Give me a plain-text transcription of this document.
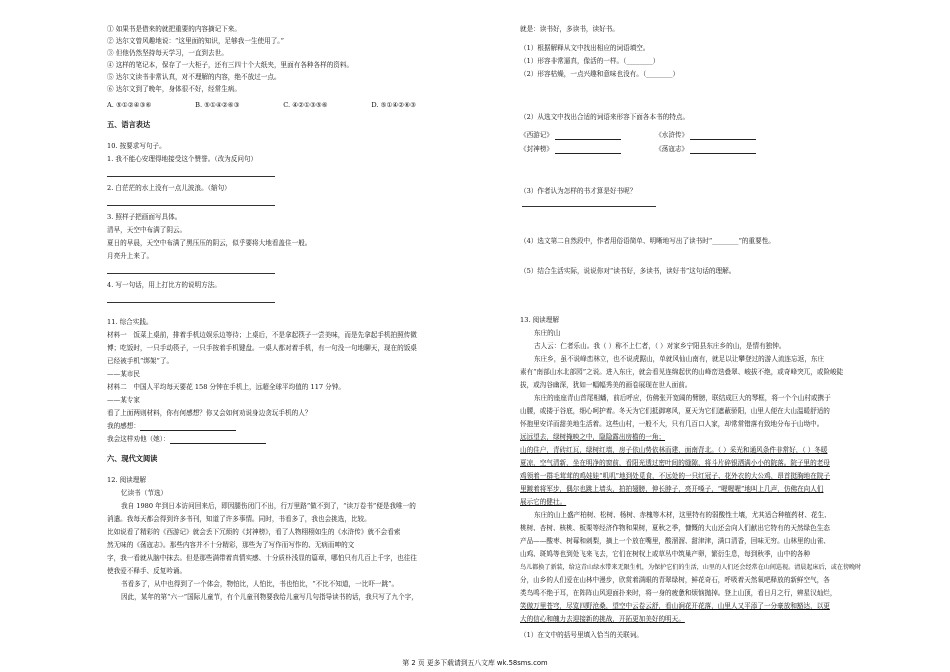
① 如果书是借来的就把重要的内容摘记下来。
② 达尔文曾风趣地说：“这里面的知识，足够我一生使用了。”
③ 但他仍然坚持每天学习，一直到去世。
④ 这样的笔记本，保存了一大柜子，还有三四十个大纸夹，里面有各种各样的资料。
⑤ 达尔文读书非常认真，对不理解的内容，绝不放过一点。
⑥ 达尔文到了晚年，身体很不好，经常生病。
A. ⑤①②④③⑥	B. ⑤①④②⑥③	C. ④②①③⑤⑥	D. ⑤①④②⑥③
五、语言表达
10. 按要求写句子。
1. 我不能心安理得地接受这个赞誉。（改为反问句）
2. 白茫茫的水上没有一点儿波浪。（缩句）
3. 照样子把画面写具体。
清早，天空中布满了阴云。
夏日的早晨，天空中布满了黑压压的阴云，似乎要将大地看盖住一般。
月亮升上来了。
4. 写一句话，用上打比方的说明方法。
11. 综合实践。
材料一　饭菜上桌前，排着手机边娱乐边等待；上桌后，不是拿起筷子一尝美味，而是先拿起手机拍照传微
博；吃饭时，一只手动筷子，一只手按着手机键盘。一桌人都对着手机，有一句没一句地聊天，现在的饭桌
已经被手机“绑架”了。
——某市民
材料二　中国人平均每天要花 158 分钟在手机上，远超全球平均值的 117 分钟。
——某专家
看了上面两则材料，你有何感想？你又会如何劝说身边贪玩手机的人？
我的感想：
我会这样劝他（她）：
六、现代文阅读
12. 阅读理解
忆读书（节选）
我自 1980 年到日本访问回来后，即因腿伤闭门不出，行万里路”做不到了，“读万卷书”便是我唯一的
消遣。我每天都会得到许多书刊，知道了许多事情。同时，书看多了，我也会挑选，比较。
比如说看了精彩的《西游记》就会丢下冗烦的《封神榜》，看了人物栩栩如生的《水浒传》就不会看索
然无味的《荡寇志》。那些内容并不十分精彩，那些为了写作而写作的、无病而呻的文
字，我一看就从脑中抹去。但是那些满带着真情实感、十分质朴浅显的篇章，哪怕只有几百上千字，也往往
使我爱不释手、反复吟诵。
书看多了，从中也得到了一个体会，物怕比，人怕比，书也怕比，“不比不知道，一比吓一跳”。
因此，某年的第“六一”国际儿童节，有个儿童刊物要我给儿童写几句指导读书的话，我只写了九个字，
就是：读书好，多读书，读好书。
（1）根据解释从文中找出相应的词语填空。
（1）形容非常逼真，像活的一样。（________）
（2）形容枯燥，一点兴趣和意味也没有。（________）
（2）从选文中找出合适的词语来形容下面各本书的特点。
《西游记》	《水浒传》
《封神榜》	《荡寇志》
（3）作者认为怎样的书才算是好书呢？
（4）选文第二自然段中，作者用俗语简单、明晰地写出了读书时“________”的重要性。
（5）结合生活实际，说说你对“读书好，多读书，读好书”这句话的理解。
13. 阅读理解
东庄的山
古人云：仁者乐山。我（ ）称不上仁者，（ ）对家乡宁阳县东庄乡的山，是情有独钟。
东庄乡，虽不说峰峦林立，也不说虎踞山，单就风仙山南有，就足以让攀登过的游人流连忘返，东庄
素有“南部山水北部园”之说。进入东庄，就会看见连绵起伏的山峰峦迭叠翠、峻拔不绝，或奇峰突兀，或险峻陡
拔，或沟谷幽深，犹如一幅幅秀美的画卷展现在世人面前。
东庄的座座青山首尾相蟠，前后呼应，仿佛张开宽阔的臂膀，联结成巨大的琴框，将一个个山村或携于
山腰，或搂于谷底，细心呵护着。冬天为它们抵御寒风，夏天为它们遮蔽骄阳，山里人便在大山温暖舒适的
怀抱里安详而甜美地生活着。这些山村，一般不大，只有几百口人家，却常常错落有致地分布于山坳中。
远远望去，绿树掩映之中，隐隐露出房檐的一角；
山的住户，青砖红瓦，绿树红墙，房子依山势依林而建，面南背北。（ ）采光和通风条件非常好，（ ）冬暖
夏凉，空气清新，坐在明净的窗前，看阳光透过密叶间的缝隙，将斗片碎银洒满小小的院落。院子里的老母
鸡领着一群毛茸茸的鸡娃娃“叽叽”地到处觅食，不远处的一只红冠子、花外衣的大公鸡，昂首挺胸地在院子
里踱着将军步，偶尔也跳上墙头，拍拍翅膀，伸长脖子，亮开嗓子，“喔喔喔”地叫上几声，仿佛在向人们
展示它的健壮。
东庄的山上盛产柏树、松树、杨树、赤槐等木材，这里特有的弱酸性土壤，尤其适合种植药材、花生、
桃树、杏树、核桃、板栗等经济作物和果树，夏秋之季，慷慨的大山还会向人们献出它特有的天然绿色生态
产品——酸枣、树莓和刺梨，摘上一个放在嘴里，酸溜溜、甜津津，满口清香，回味无穷。山林里的山雀、
山鸡、斑鸠等也到处飞来飞去，它们在树杈上或草丛中筑巢产卵，繁衍生息，每到秋季，山中的各种
鸟儿都换了新装，给这青山绿水带来无限生机，为保护它们的生活，山里的人们还会经常在山间巡视。清晨起床后，或在傍晚时
分，山乡的人们爱在山林中漫步，欣赏着满眼的青翠绿树，鲜花奇石，呼吸着天然氧吧释放的新鲜空气，各
类鸟鸣不绝于耳，在阵阵山风迎面扑来时，将一身的疲惫和烦恼抛掉。登上山顶，看日月之行，辨星汉灿烂，
笑傲万里苍穹，尽览四野沧桑，望空中云卷云舒，看山涧花开花落，山里人又平添了一分豪放和豁达，以更
大的信心和魄力去迎接新的挑战，开拓更加美好的明天。
（1）在文中的括号里填入恰当的关联词。
第 2 页 更多下载请到五八文库 wk.58sms.com
